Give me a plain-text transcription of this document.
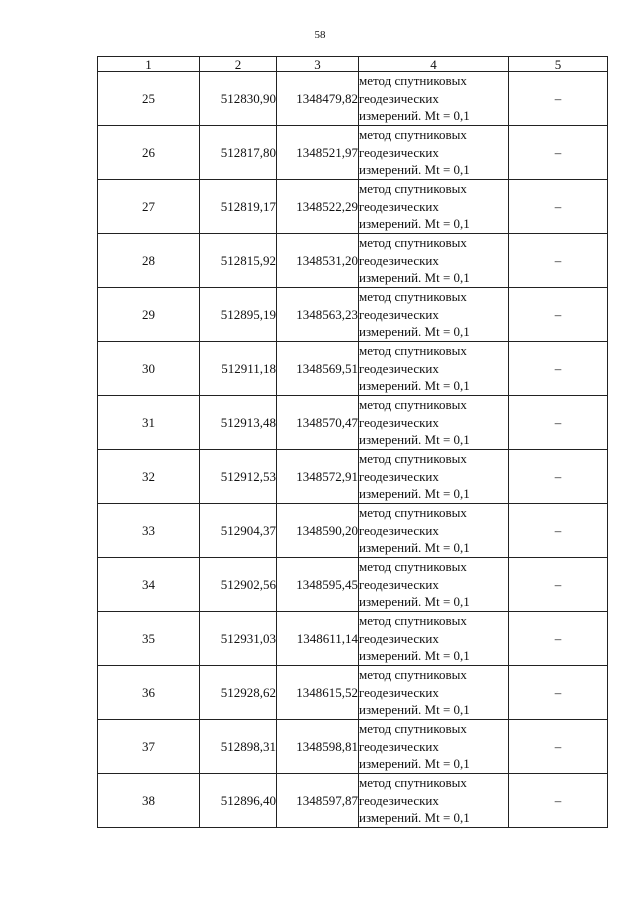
58
1	2	3	4	5
25	512830,90	1348479,82	метод спутниковых
геодезических
измерений. Mt = 0,1	–
26	512817,80	1348521,97	метод спутниковых
геодезических
измерений. Mt = 0,1	–
27	512819,17	1348522,29	метод спутниковых
геодезических
измерений. Mt = 0,1	–
28	512815,92	1348531,20	метод спутниковых
геодезических
измерений. Mt = 0,1	–
29	512895,19	1348563,23	метод спутниковых
геодезических
измерений. Mt = 0,1	–
30	512911,18	1348569,51	метод спутниковых
геодезических
измерений. Mt = 0,1	–
31	512913,48	1348570,47	метод спутниковых
геодезических
измерений. Mt = 0,1	–
32	512912,53	1348572,91	метод спутниковых
геодезических
измерений. Mt = 0,1	–
33	512904,37	1348590,20	метод спутниковых
геодезических
измерений. Mt = 0,1	–
34	512902,56	1348595,45	метод спутниковых
геодезических
измерений. Mt = 0,1	–
35	512931,03	1348611,14	метод спутниковых
геодезических
измерений. Mt = 0,1	–
36	512928,62	1348615,52	метод спутниковых
геодезических
измерений. Mt = 0,1	–
37	512898,31	1348598,81	метод спутниковых
геодезических
измерений. Mt = 0,1	–
38	512896,40	1348597,87	метод спутниковых
геодезических
измерений. Mt = 0,1	–
